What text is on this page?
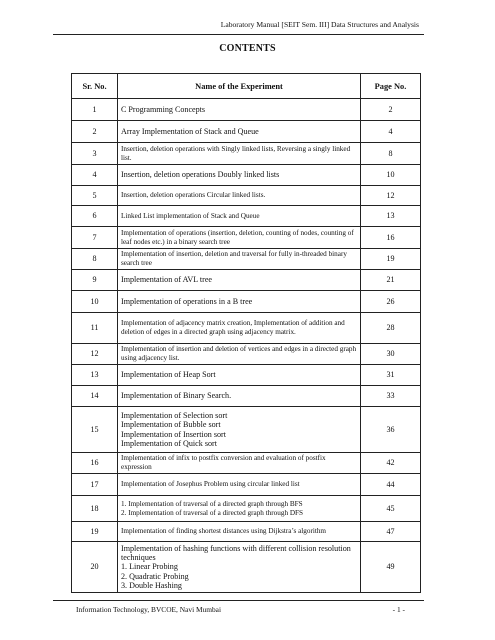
Laboratory Manual [SEIT Sem. III] Data Structures and Analysis
CONTENTS
Sr. No.	Name of the Experiment	Page No.
1	C Programming Concepts	2
2	Array Implementation of Stack and Queue	4
3	Insertion, deletion operations with Singly linked lists, Reversing a singly linked list.	8
4	Insertion, deletion operations Doubly linked lists	10
5	Insertion, deletion operations Circular linked lists.	12
6	Linked List implementation of Stack and Queue	13
7	Implementation of operations (insertion, deletion, counting of nodes, counting of leaf nodes etc.) in a binary search tree	16
8	Implementation of insertion, deletion and traversal for fully in-threaded binary search tree	19
9	Implementation of AVL tree	21
10	Implementation of operations in a B tree	26
11	Implementation of adjacency matrix creation, Implementation of addition and deletion of edges in a directed graph using adjacency matrix.	28
12	Implementation of insertion and deletion of vertices and edges in a directed graph using adjacency list.	30
13	Implementation of Heap Sort	31
14	Implementation of Binary Search.	33
15	Implementation of Selection sort
Implementation of Bubble sort
Implementation of Insertion sort
Implementation of Quick sort	36
16	Implementation of infix to postfix conversion and evaluation of postfix expression	42
17	Implementation of Josephus Problem using circular linked list	44
18	1. Implementation of traversal of a directed graph through BFS
2. Implementation of traversal of a directed graph through DFS	45
19	Implementation of finding shortest distances using Dijkstra’s algorithm	47
20	Implementation of hashing functions with different collision resolution techniques
1. Linear Probing
2. Quadratic Probing
3. Double Hashing	49
Information Technology, BVCOE, Navi Mumbai	- 1 -
